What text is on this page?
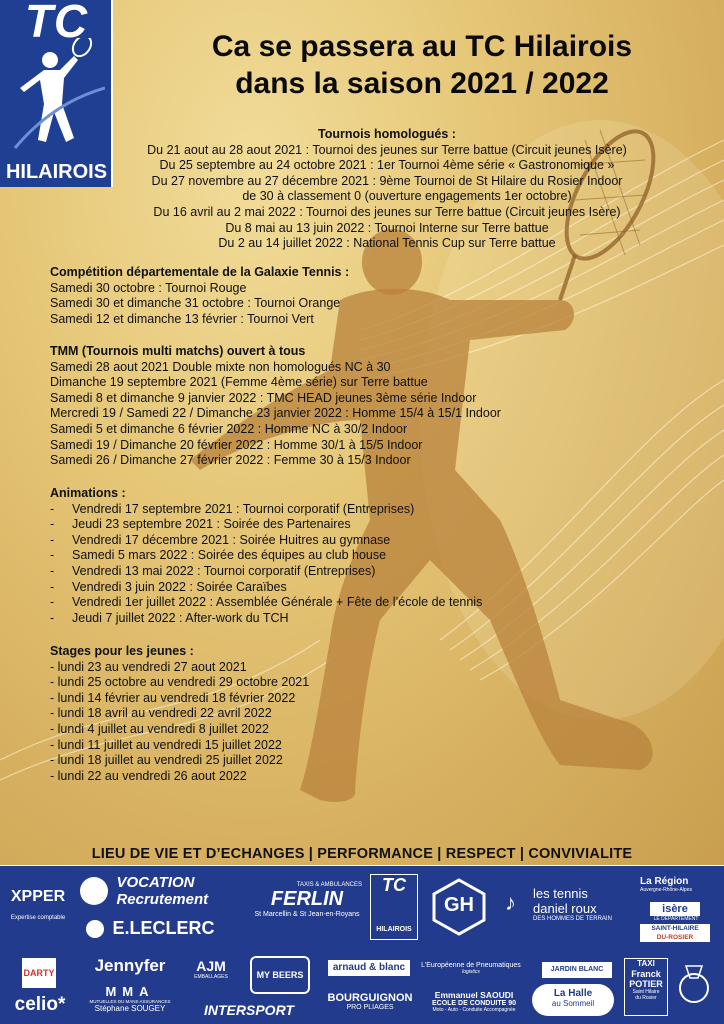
TC
HILAIROIS
Ca se passera au TC Hilairois
dans la saison 2021 / 2022
Tournois homologués :
Du 21 aout au 28 aout 2021 : Tournoi des jeunes sur Terre battue (Circuit jeunes Isère)
Du 25 septembre au 24 octobre 2021 : 1er Tournoi 4ème série « Gastronomique »
Du 27 novembre au 27 décembre 2021 : 9ème Tournoi de St Hilaire du Rosier Indoor
de 30 à classement 0 (ouverture engagements 1er octobre)
Du 16 avril au 2 mai 2022 : Tournoi des jeunes sur Terre battue (Circuit jeunes Isère)
Du 8 mai au 13 juin 2022 : Tournoi Interne sur Terre battue
Du 2 au 14 juillet 2022 : National Tennis Cup sur Terre battue
Compétition départementale de la Galaxie Tennis :
Samedi 30 octobre : Tournoi Rouge
Samedi 30 et dimanche 31 octobre : Tournoi Orange
Samedi 12 et dimanche 13 février : Tournoi Vert
TMM (Tournois multi matchs) ouvert à tous
Samedi 28 aout 2021 Double mixte non homologués NC à 30
Dimanche 19 septembre 2021 (Femme 4ème série) sur Terre battue
Samedi 8 et dimanche 9 janvier 2022 : TMC HEAD jeunes 3ème série Indoor
Mercredi 19 / Samedi 22 / Dimanche 23 janvier 2022 : Homme 15/4 à 15/1 Indoor
Samedi 5 et dimanche 6 février 2022 : Homme NC à 30/2 Indoor
Samedi 19 / Dimanche 20 février 2022 : Homme 30/1 à 15/5 Indoor
Samedi 26 / Dimanche 27 février 2022 : Femme 30 à 15/3 Indoor
Animations :
- Vendredi 17 septembre 2021 : Tournoi corporatif (Entreprises)
- Jeudi 23 septembre 2021 : Soirée des Partenaires
- Vendredi 17 décembre 2021 : Soirée Huitres au gymnase
- Samedi 5 mars 2022 : Soirée des équipes au club house
- Vendredi 13 mai 2022 : Tournoi corporatif (Entreprises)
- Vendredi 3 juin 2022 : Soirée Caraïbes
- Vendredi 1er juillet 2022 : Assemblée Générale + Fête de l’école de tennis
- Jeudi 7 juillet 2022 : After-work du TCH
Stages pour les jeunes :
- lundi 23 au vendredi 27 aout 2021
- lundi 25 octobre au vendredi 29 octobre 2021
- lundi 14 février au vendredi 18 février 2022
- lundi 18 avril au vendredi 22 avril 2022
- lundi 4 juillet au vendredi 8 juillet 2022
- lundi 11 juillet au vendredi 15 juillet 2022
- lundi 18 juillet au vendredi 25 juillet 2022
- lundi 22 au vendredi 26 aout 2022
LIEU DE VIE ET D’ECHANGES | PERFORMANCE | RESPECT | CONVIVIALITE
XPPER
Expertise comptable

VOCATION
Recrutement
E.LECLERC
TAXIS & AMBULANCES
FERLIN
St Marcellin & St Jean-en-Royans
TC
HILAIROIS
GH	♪ les tennis
daniel roux
DES HOMMES DE TERRAIN
La Région
Auvergne-Rhône-Alpes
isère
LE DÉPARTEMENT
SAINT-HILAIRE
DU-ROSIER
DARTY
celio*
Jennyfer
MMA
MUTUELLES DU MANS ASSURANCES
Stéphane SOUGEY
AJM
EMBALLAGES	MY BEERS
INTERSPORT
arnaud & blanc
BOURGUIGNON
PRO PLIAGES
L’Européenne de Pneumatiques
logistics
Emmanuel SAOUDI
ECOLE DE CONDUITE 90
Moto - Auto - Conduite Accompagnée
JARDIN BLANC
La Halle
au Sommeil
TAXI
Franck
POTIER
Saint Hilaire
du Rosier
